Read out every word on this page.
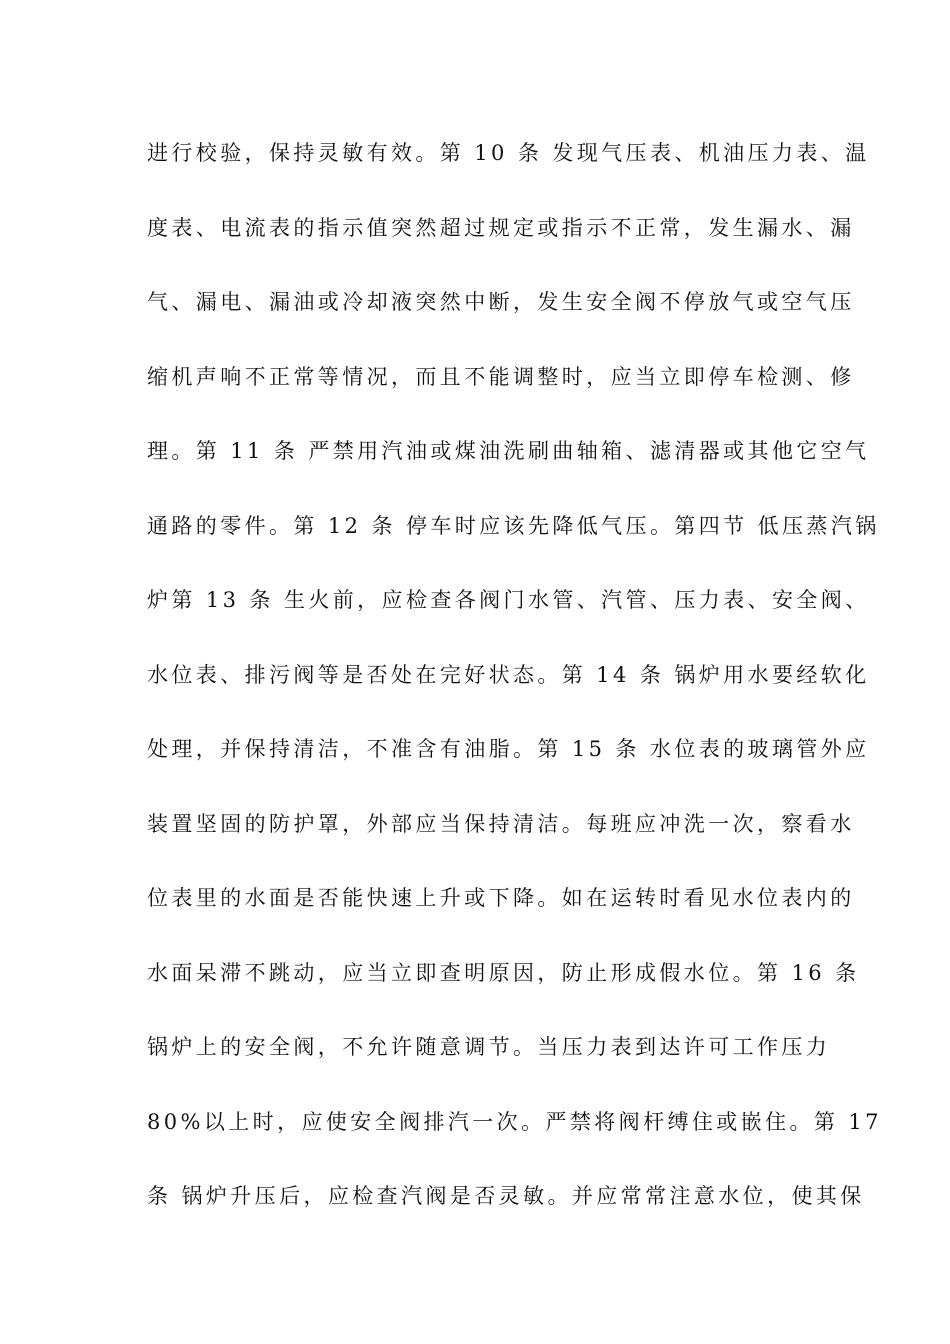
进行校验，保持灵敏有效。第 10 条 发现气压表、机油压力表、温
度表、电流表的指示值突然超过规定或指示不正常，发生漏水、漏
气、漏电、漏油或冷却液突然中断，发生安全阀不停放气或空气压
缩机声响不正常等情况，而且不能调整时，应当立即停车检测、修
理。第 11 条 严禁用汽油或煤油洗刷曲轴箱、滤清器或其他它空气
通路的零件。第 12 条 停车时应该先降低气压。第四节 低压蒸汽锅
炉第 13 条 生火前，应检查各阀门水管、汽管、压力表、安全阀、
水位表、排污阀等是否处在完好状态。第 14 条 锅炉用水要经软化
处理，并保持清洁，不准含有油脂。第 15 条 水位表的玻璃管外应
装置坚固的防护罩，外部应当保持清洁。每班应冲洗一次，察看水
位表里的水面是否能快速上升或下降。如在运转时看见水位表内的
水面呆滞不跳动，应当立即查明原因，防止形成假水位。第 16 条
锅炉上的安全阀，不允许随意调节。当压力表到达许可工作压力
80%以上时，应使安全阀排汽一次。严禁将阀杆缚住或嵌住。第 17
条 锅炉升压后，应检查汽阀是否灵敏。并应常常注意水位，使其保
